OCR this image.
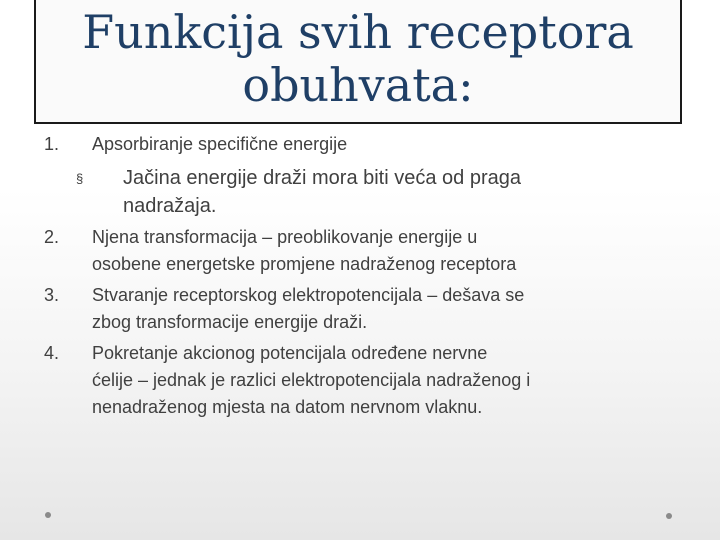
Funkcija svih receptora
obuhvata:
1. Apsorbiranje specifične energije
§ Jačina energije draži mora biti veća od praga
nadražaja.
2. Njena transformacija – preoblikovanje energije u
osobene energetske promjene nadraženog receptora
3. Stvaranje receptorskog elektropotencijala – dešava se
zbog transformacije energije draži.
4. Pokretanje akcionog potencijala određene nervne
ćelije – jednak je razlici elektropotencijala nadraženog i
nenadraženog mjesta na datom nervnom vlaknu.
